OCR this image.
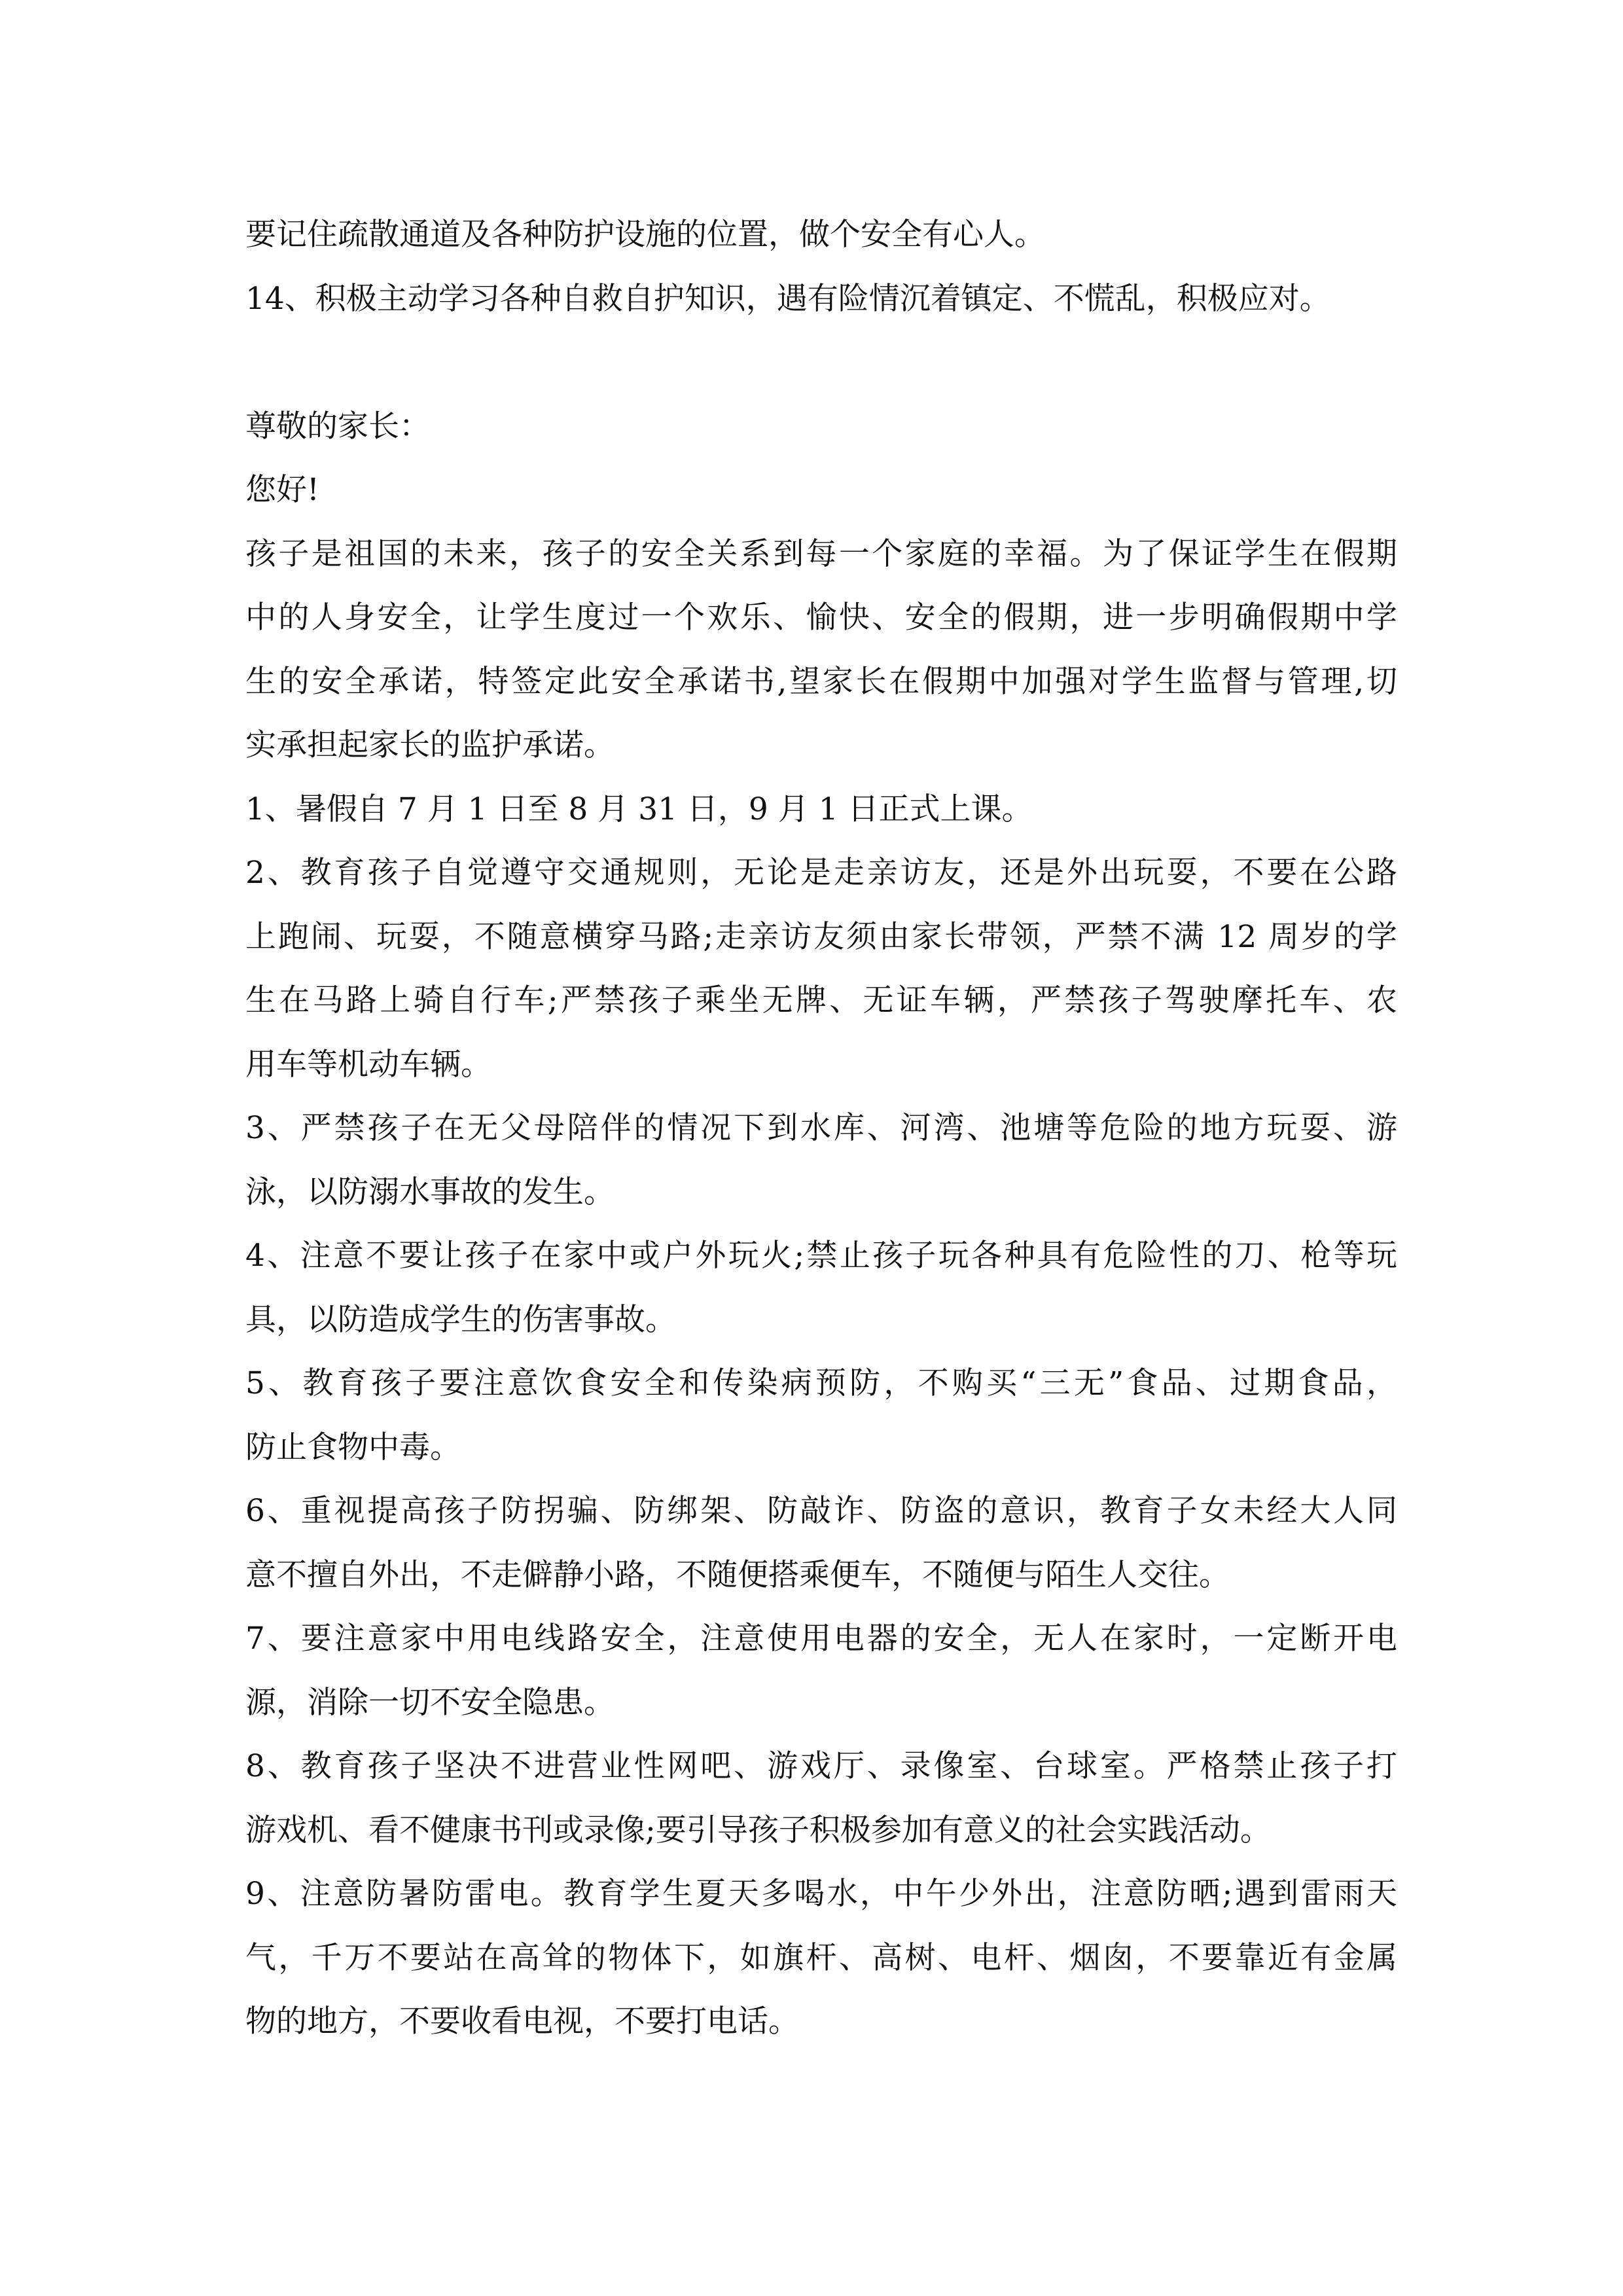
要记住疏散通道及各种防护设施的位置，做个安全有心人。
14、积极主动学习各种自救自护知识，遇有险情沉着镇定、不慌乱，积极应对。
尊敬的家长：
您好!
孩子是祖国的未来，孩子的安全关系到每一个家庭的幸福。为了保证学生在假期
中的人身安全，让学生度过一个欢乐、愉快、安全的假期，进一步明确假期中学
生的安全承诺，特签定此安全承诺书,望家长在假期中加强对学生监督与管理,切
实承担起家长的监护承诺。
1、暑假自 7 月 1 日至 8 月 31 日，9 月 1 日正式上课。
2、教育孩子自觉遵守交通规则，无论是走亲访友，还是外出玩耍，不要在公路
上跑闹、玩耍，不随意横穿马路;走亲访友须由家长带领，严禁不满 12 周岁的学
生在马路上骑自行车;严禁孩子乘坐无牌、无证车辆，严禁孩子驾驶摩托车、农
用车等机动车辆。
3、严禁孩子在无父母陪伴的情况下到水库、河湾、池塘等危险的地方玩耍、游
泳，以防溺水事故的发生。
4、注意不要让孩子在家中或户外玩火;禁止孩子玩各种具有危险性的刀、枪等玩
具，以防造成学生的伤害事故。
5、教育孩子要注意饮食安全和传染病预防，不购买“三无”食品、过期食品，
防止食物中毒。
6、重视提高孩子防拐骗、防绑架、防敲诈、防盗的意识，教育子女未经大人同
意不擅自外出，不走僻静小路，不随便搭乘便车，不随便与陌生人交往。
7、要注意家中用电线路安全，注意使用电器的安全，无人在家时，一定断开电
源，消除一切不安全隐患。
8、教育孩子坚决不进营业性网吧、游戏厅、录像室、台球室。严格禁止孩子打
游戏机、看不健康书刊或录像;要引导孩子积极参加有意义的社会实践活动。
9、注意防暑防雷电。教育学生夏天多喝水，中午少外出，注意防晒;遇到雷雨天
气，千万不要站在高耸的物体下，如旗杆、高树、电杆、烟囱，不要靠近有金属
物的地方，不要收看电视，不要打电话。
